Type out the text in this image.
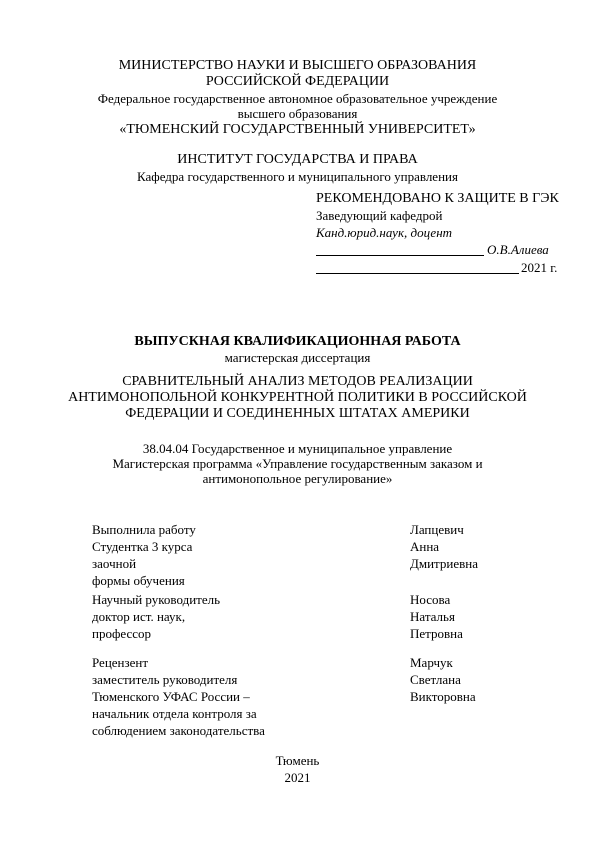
МИНИСТЕРСТВО НАУКИ И ВЫСШЕГО ОБРАЗОВАНИЯ
РОССИЙСКОЙ ФЕДЕРАЦИИ
Федеральное государственное автономное образовательное учреждение
высшего образования
«ТЮМЕНСКИЙ ГОСУДАРСТВЕННЫЙ УНИВЕРСИТЕТ»
ИНСТИТУТ ГОСУДАРСТВА И ПРАВА
Кафедра государственного и муниципального управления
РЕКОМЕНДОВАНО К ЗАЩИТЕ В ГЭК
Заведующий кафедрой
Канд.юрид.наук, доцент
О.В.Алиева
2021 г.
ВЫПУСКНАЯ КВАЛИФИКАЦИОННАЯ РАБОТА
магистерская диссертация
СРАВНИТЕЛЬНЫЙ АНАЛИЗ МЕТОДОВ РЕАЛИЗАЦИИ
АНТИМОНОПОЛЬНОЙ КОНКУРЕНТНОЙ ПОЛИТИКИ В РОССИЙСКОЙ
ФЕДЕРАЦИИ И СОЕДИНЕННЫХ ШТАТАХ АМЕРИКИ
38.04.04 Государственное и муниципальное управление
Магистерская программа «Управление государственным заказом и
антимонопольное регулирование»
Выполнила работу
Студентка 3 курса
заочной
формы обучения
Лапцевич
Анна
Дмитриевна
Научный руководитель
доктор ист. наук,
профессор
Носова
Наталья
Петровна
Рецензент
заместитель руководителя
Тюменского УФАС России –
начальник отдела контроля за
соблюдением законодательства
Марчук
Светлана
Викторовна
Тюмень
2021
